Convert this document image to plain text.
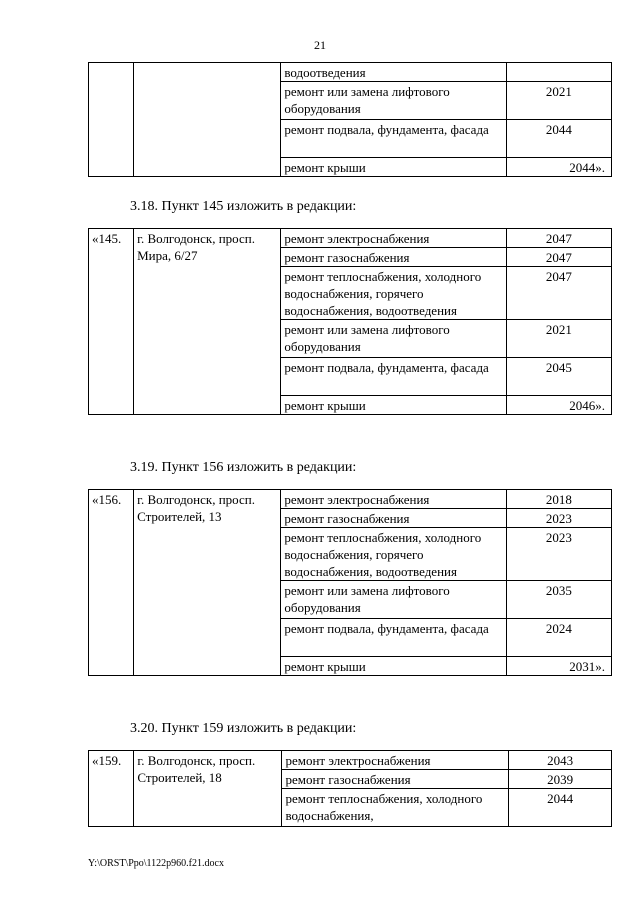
21
		водоотведения	
		ремонт или замена лифтового оборудования	2021
		ремонт подвала, фундамента, фасада	2044
		ремонт крыши	2044».
3.18. Пункт 145 изложить в редакции:
«145.	г. Волгодонск, просп. Мира, 6/27	ремонт электроснабжения	2047
		ремонт газоснабжения	2047
		ремонт теплоснабжения, холодного водоснабжения, горячего водоснабжения, водоотведения	2047
		ремонт или замена лифтового оборудования	2021
		ремонт подвала, фундамента, фасада	2045
		ремонт крыши	2046».
3.19. Пункт 156 изложить в редакции:
«156.	г. Волгодонск, просп. Строителей, 13	ремонт электроснабжения	2018
		ремонт газоснабжения	2023
		ремонт теплоснабжения, холодного водоснабжения, горячего водоснабжения, водоотведения	2023
		ремонт или замена лифтового оборудования	2035
		ремонт подвала, фундамента, фасада	2024
		ремонт крыши	2031».
3.20. Пункт 159 изложить в редакции:
«159.	г. Волгодонск, просп. Строителей, 18	ремонт электроснабжения	2043
		ремонт газоснабжения	2039
		ремонт теплоснабжения, холодного водоснабжения,	2044
Y:\ORST\Ppo\1122p960.f21.docx
